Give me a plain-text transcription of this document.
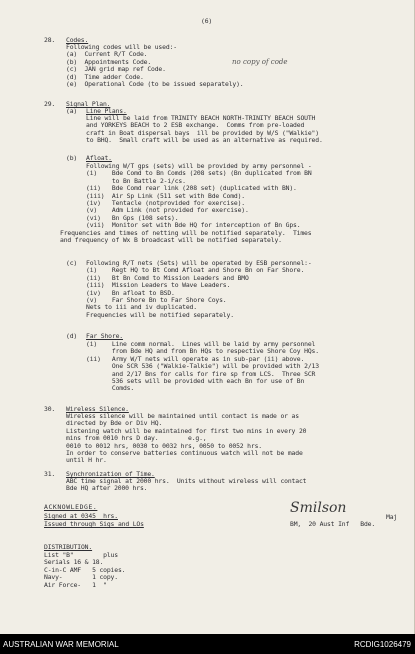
(6)
28. Codes.
Following codes will be used:-
(a)  Current R/T Code.
(b)  Appointments Code.
(c)  JAN grid map ref Code.
(d)  Time adder Code.
(e)  Operational Code (to be issued separately).
no copy of code
29. Signal Plan.
(a) Line Plans.
Line will be laid from TRINITY BEACH NORTH-TRINITY BEACH SOUTH
and YORKEYS BEACH to 2 ESB exchange.  Comms from pre-loaded
craft in Boat dispersal bays  ill be provided by W/S ("Walkie")
to BHQ.  Small craft will be used as an alternative as required.
(b) Afloat.
Following W/T gps (sets) will be provided by army personnel -
(i)    Bde Comd to Bn Comds (208 sets) (Bn duplicated from BN
to Bn Battle 2-i/cs.
(ii)   Bde Comd rear link (208 set) (duplicated with BN).
(iii)  Air Sp Link (511 set with Bde Comd).
(iv)   Tentacle (notprovided for exercise).
(v)    Adm Link (not provided for exercise).
(vi)   Bn Gps (108 sets).
(vii)  Monitor set with Bde HQ for interception of Bn Gps.
Frequencies and times of netting will be notified separately.  Times
and frequency of Wx B broadcast will be notified separately.
(c) Following R/T nets (Sets) will be operated by ESB personnel:-
(i)    Regt HQ to Bt Comd Afloat and Shore Bn on Far Shore.
(ii)   Bt Bn Comd to Mission Leaders and BMO
(iii)  Mission Leaders to Wave Leaders.
(iv)   Bn afloat to BSD.
(v)    Far Shore Bn to Far Shore Coys.
Nets to iii and iv duplicated.
Frequencies will be notified separately.
(d) Far Shore.
(i)    Line comm normal.  Lines will be laid by army personnel
from Bde HQ and from Bn HQs to respective Shore Coy HQs.
(ii)   Army W/T nets will operate as in sub-par (ii) above.
One SCR 536 ("Walkie-Talkie") will be provided with 2/13
and 2/17 Bns for calls for fire sp from LCS.  Three SCR
536 sets will be provided with each Bn for use of Bn
Comds.
30. Wireless Silence.
Wireless silence will be maintained until contact is made or as
directed by Bde or Div HQ.
Listening watch will be maintained for first two mins in every 20
mins from 0010 hrs D day.        e.g.,
0010 to 0012 hrs, 0030 to 0032 hrs, 0050 to 0052 hrs.
In order to conserve batteries continuous watch will not be made
until H hr.
31. Synchronization of Time.
ABC time signal at 2000 hrs.  Units without wireless will contact
Bde HQ after 2000 hrs.
ACKNOWLEDGE.
Signed at 0345  hrs.
Issued through Sigs and LOs
Smilson
Maj
BM,  20 Aust Inf   Bde.
DISTRIBUTION.
List "B"        plus
Serials 16 & 18.
C-in-C AMF   5 copies.
Navy-        1 copy.
Air Force-   1  "
AUSTRALIAN WAR MEMORIAL	RCDIG1026479
